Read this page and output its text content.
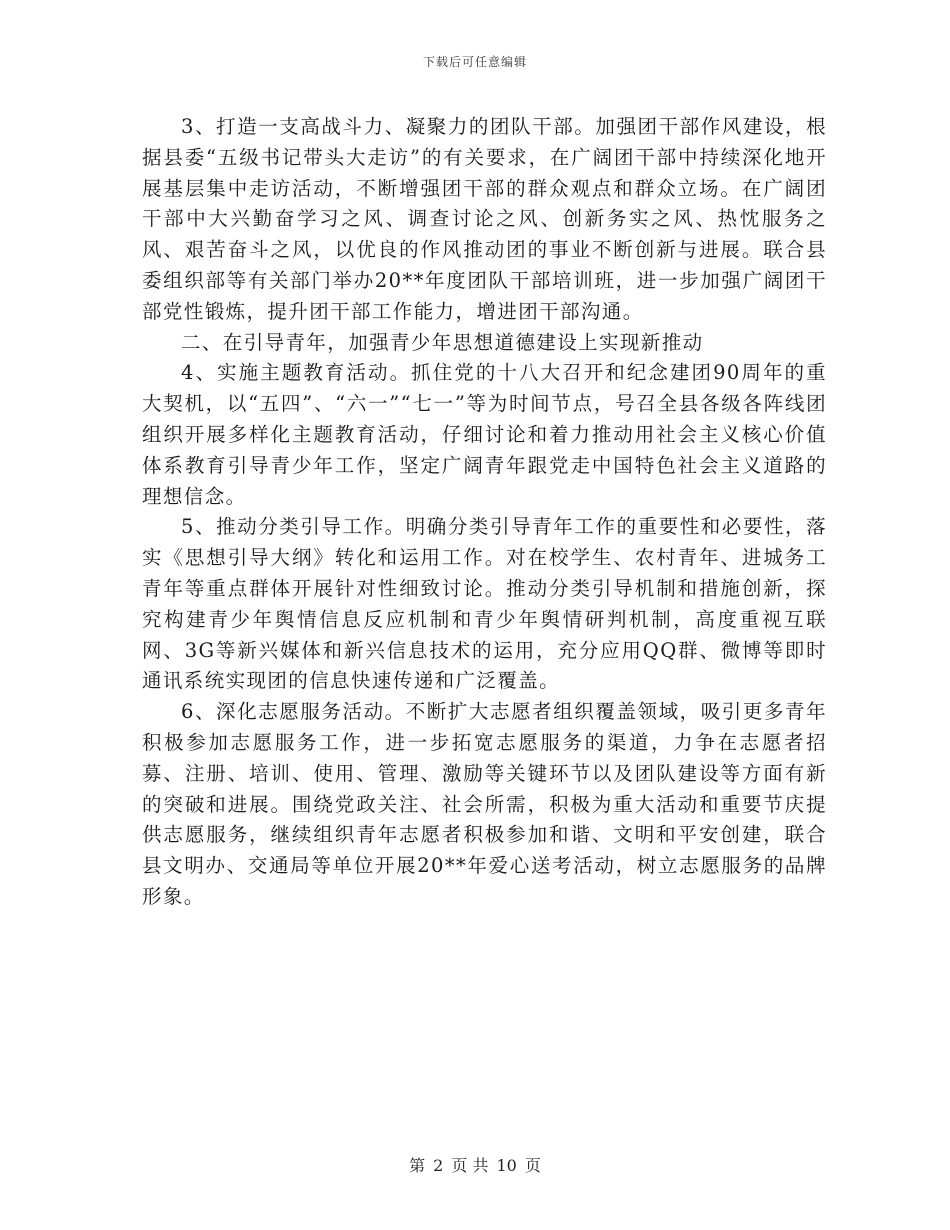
下载后可任意编辑

3、打造一支高战斗力、凝聚力的团队干部。加强团干部作风建设，根据县委“五级书记带头大走访”的有关要求，在广阔团干部中持续深化地开展基层集中走访活动，不断增强团干部的群众观点和群众立场。在广阔团干部中大兴勤奋学习之风、调查讨论之风、创新务实之风、热忱服务之风、艰苦奋斗之风，以优良的作风推动团的事业不断创新与进展。联合县委组织部等有关部门举办20**年度团队干部培训班，进一步加强广阔团干部党性锻炼，提升团干部工作能力，增进团干部沟通。

二、在引导青年，加强青少年思想道德建设上实现新推动

4、实施主题教育活动。抓住党的十八大召开和纪念建团90周年的重大契机，以“五四”、“六一”“七一”等为时间节点，号召全县各级各阵线团组织开展多样化主题教育活动，仔细讨论和着力推动用社会主义核心价值体系教育引导青少年工作，坚定广阔青年跟党走中国特色社会主义道路的理想信念。

5、推动分类引导工作。明确分类引导青年工作的重要性和必要性，落实《思想引导大纲》转化和运用工作。对在校学生、农村青年、进城务工青年等重点群体开展针对性细致讨论。推动分类引导机制和措施创新，探究构建青少年舆情信息反应机制和青少年舆情研判机制，高度重视互联网、3G等新兴媒体和新兴信息技术的运用，充分应用QQ群、微博等即时通讯系统实现团的信息快速传递和广泛覆盖。

6、深化志愿服务活动。不断扩大志愿者组织覆盖领域，吸引更多青年积极参加志愿服务工作，进一步拓宽志愿服务的渠道，力争在志愿者招募、注册、培训、使用、管理、激励等关键环节以及团队建设等方面有新的突破和进展。围绕党政关注、社会所需，积极为重大活动和重要节庆提供志愿服务，继续组织青年志愿者积极参加和谐、文明和平安创建，联合县文明办、交通局等单位开展20**年爱心送考活动，树立志愿服务的品牌形象。

第 2 页 共 10 页
